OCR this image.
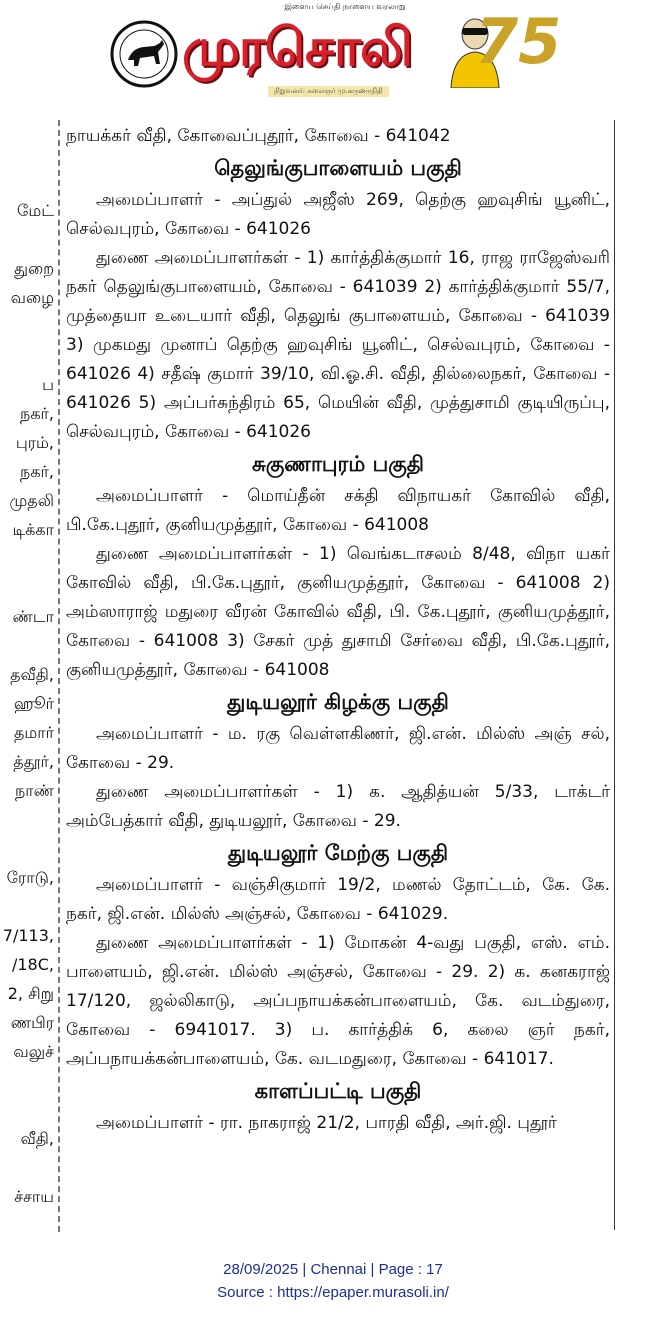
இளைய செய்தி நாளைய வரலாறு
முரசொலி 75
நிறுவனர்: கலைஞர் மு.கருணாநிதி
மேட்
துறை
வழை
ப
நகர்,
புரம்,
நகர்,
முதலி
டிக்கா
ண்டா
தவீதி,
ஹூர்
தமார்
த்தூர்,
நாண்
ரோடு,
7/113,
/18C,
2, சிறு
ணபிர
வலுச்
வீதி,
ச்சாய

நாயக்கர் வீதி, கோவைப்புதூர், கோவை - 641042

தெலுங்குபாளையம் பகுதி

அமைப்பாளர் - அப்துல் அஜீஸ் 269, தெற்கு ஹவுசிங் யூனிட், செல்வபுரம், கோவை - 641026

துணை அமைப்பாளர்கள் - 1) கார்த்திக்குமார் 16, ராஜ ராஜேஸ்வரி நகர் தெலுங்குபாளையம், கோவை - 641039 2) கார்த்திக்குமார் 55/7, முத்தையா உடையார் வீதி, தெலுங் குபாளையம், கோவை - 641039 3) முகமது முனாப் தெற்கு ஹவுசிங் யூனிட், செல்வபுரம், கோவை - 641026 4) சதீஷ் குமார் 39/10, வி.ஓ.சி. வீதி, தில்லைநகர், கோவை - 641026 5) அப்பர்சுந்திரம் 65, மெயின் வீதி, முத்துசாமி குடியிருப்பு, செல்வபுரம், கோவை - 641026

சுகுணாபுரம் பகுதி

அமைப்பாளர் - மொய்தீன் சக்தி விநாயகர் கோவில் வீதி, பி.கே.புதூர், குனியமுத்தூர், கோவை - 641008

துணை அமைப்பாளர்கள் - 1) வெங்கடாசலம் 8/48, விநா யகர் கோவில் வீதி, பி.கே.புதூர், குனியமுத்தூர், கோவை - 641008 2) அம்ஸாராஜ் மதுரை வீரன் கோவில் வீதி, பி. கே.புதூர், குனியமுத்தூர், கோவை - 641008 3) சேகர் முத் துசாமி சேர்வை வீதி, பி.கே.புதூர், குனியமுத்தூர், கோவை - 641008

துடியலூர் கிழக்கு பகுதி

அமைப்பாளர் - ம. ரகு வெள்ளகிணர், ஜி.என். மில்ஸ் அஞ் சல், கோவை - 29.

துணை அமைப்பாளர்கள் - 1) க. ஆதித்யன் 5/33, டாக்டர் அம்பேத்கார் வீதி, துடியலூர், கோவை - 29.

துடியலூர் மேற்கு பகுதி

அமைப்பாளர் - வஞ்சிகுமார் 19/2, மணல் தோட்டம், கே. கே. நகர், ஜி.என். மில்ஸ் அஞ்சல், கோவை - 641029.

துணை அமைப்பாளர்கள் - 1) மோகன் 4-வது பகுதி, எஸ். எம். பாளையம், ஜி.என். மில்ஸ் அஞ்சல், கோவை - 29. 2) க. கனகராஜ் 17/120, ஜல்லிகாடு, அப்பநாயக்கன்பாளையம், கே. வடம்துரை, கோவை - 6941017. 3) ப. கார்த்திக் 6, கலை ஞர் நகர், அப்பநாயக்கன்பாளையம், கே. வடமதுரை, கோவை - 641017.

காளப்பட்டி பகுதி

அமைப்பாளர் - ரா. நாகராஜ் 21/2, பாரதி வீதி, அர்.ஜி. புதூர்

28/09/2025 | Chennai | Page : 17
Source : https://epaper.murasoli.in/
